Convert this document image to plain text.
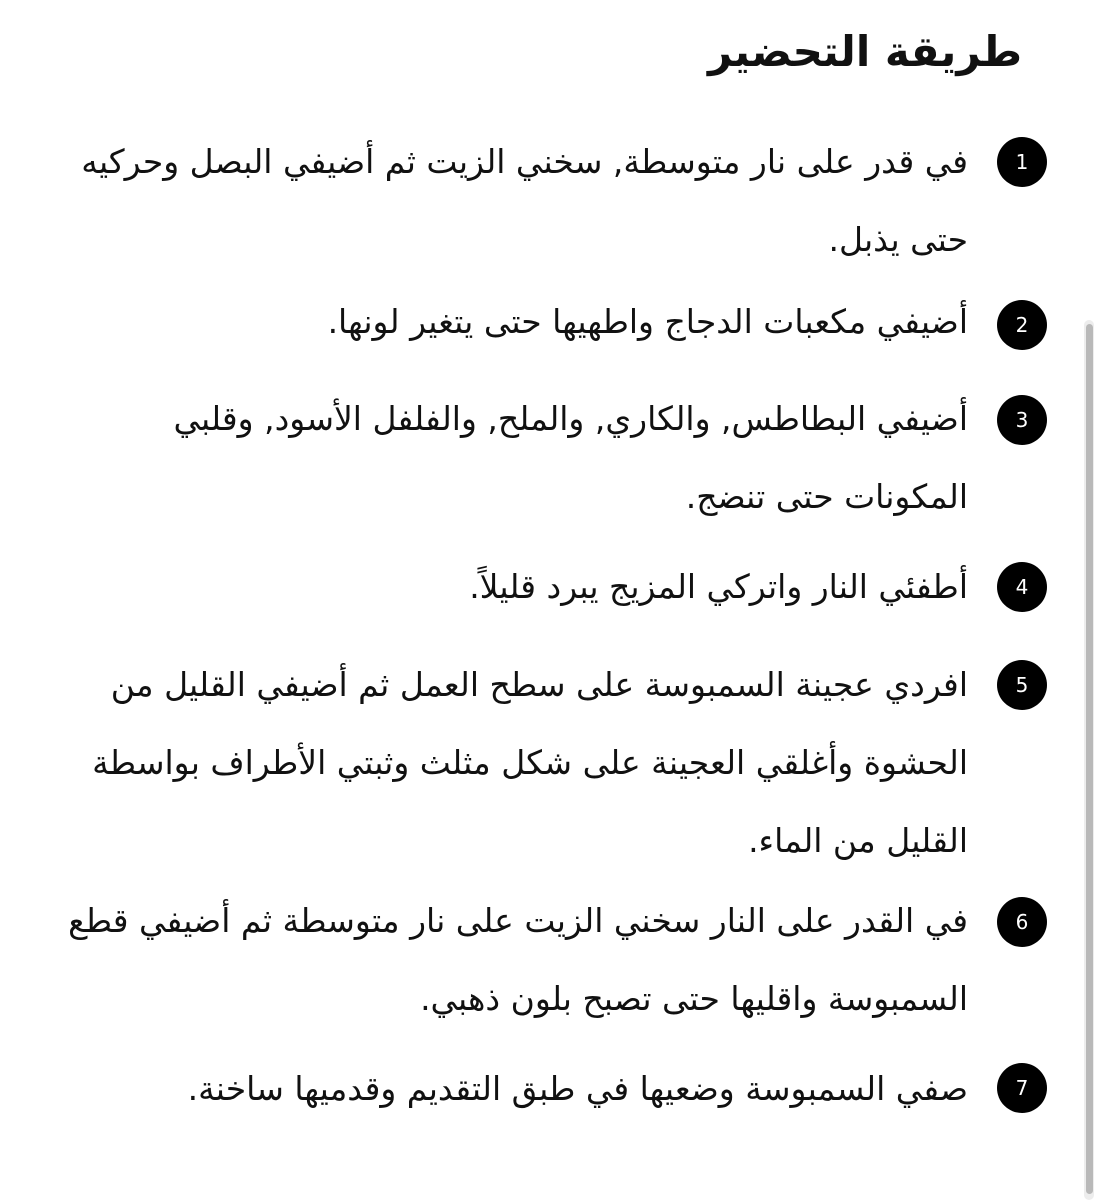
طريقة التحضير
1

في قدر على نار متوسطة, سخني الزيت ثم أضيفي البصل وحركيه حتى يذبل.

2

أضيفي مكعبات الدجاج واطهيها حتى يتغير لونها.

3

أضيفي البطاطس, والكاري, والملح, والفلفل الأسود, وقلبي المكونات حتى تنضج.

4

أطفئي النار واتركي المزيج يبرد قليلاً.

5

افردي عجينة السمبوسة على سطح العمل ثم أضيفي القليل من الحشوة وأغلقي العجينة على شكل مثلث وثبتي الأطراف بواسطة القليل من الماء.

6

في القدر على النار سخني الزيت على نار متوسطة ثم أضيفي قطع السمبوسة واقليها حتى تصبح بلون ذهبي.

7

صفي السمبوسة وضعيها في طبق التقديم وقدميها ساخنة.
